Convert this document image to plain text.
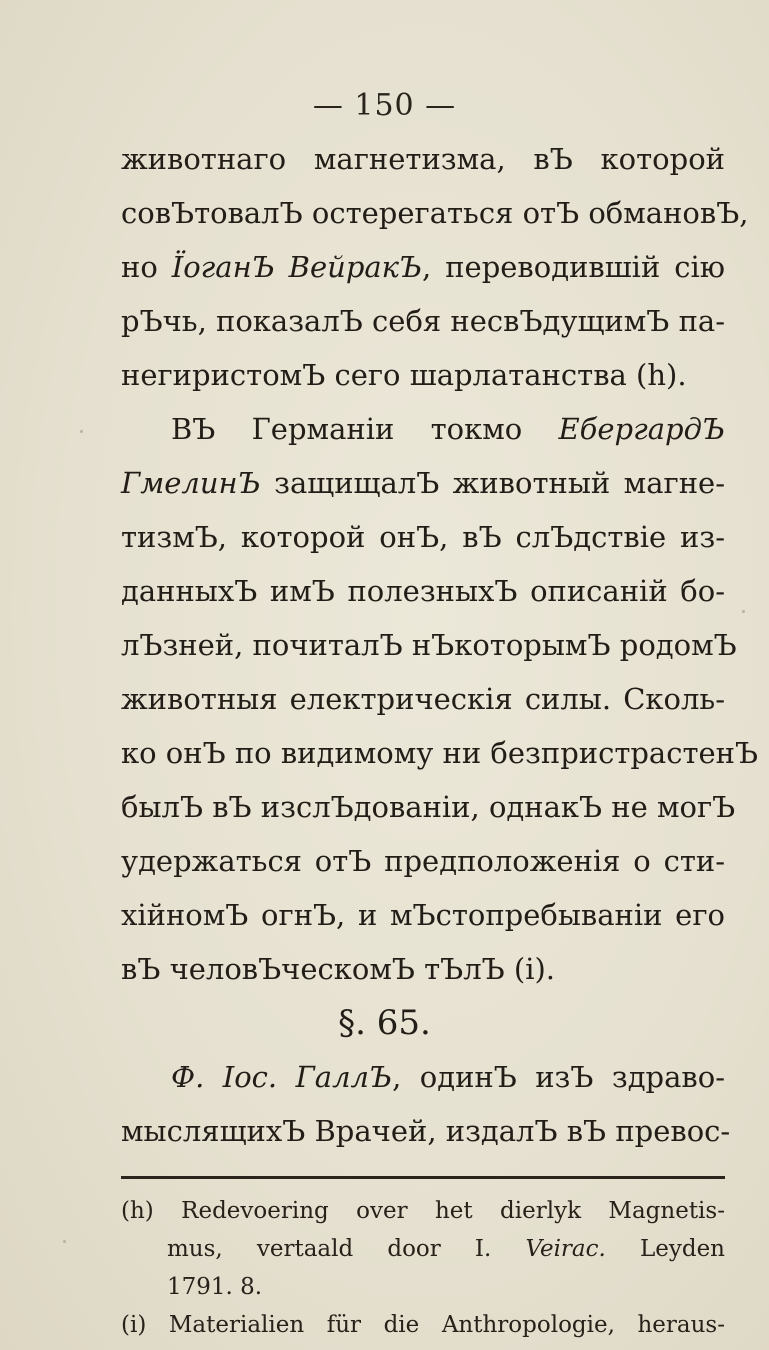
— 150 —
животнаго магнетизма, вЪ которой
совЪтовалЪ остерегаться отЪ обмановЪ,
но ЇоганЪ ВейракЪ, переводившій сію
рЪчь, показалЪ себя несвЪдущимЪ па-
негиристомЪ сего шарлатанства (h).
ВЪ Германіи токмо ЕбергардЪ
ГмелинЪ защищалЪ животный магне-
тизмЪ, которой онЪ, вЪ слЪдствіе из-
данныхЪ имЪ полезныхЪ описаній бо-
лЪзней, почиталЪ нЪкоторымЪ родомЪ
животныя електрическія силы. Сколь-
ко онЪ по видимому ни безпристрастенЪ
былЪ вЪ изслЪдованіи, однакЪ не могЪ
удержаться отЪ предположенія о сти-
хійномЪ огнЪ, и мЪстопребываніи его
вЪ человЪческомЪ тЪлЪ (i).
§. 65.
Ф. Іос. ГаллЪ, одинЪ изЪ здраво-
мыслящихЪ Врачей, издалЪ вЪ превос-
(h) Redevoering over het dierlyk Magnetis-
mus, vertaald door I. Veirac. Leyden
1791. 8.
(i) Materialien für die Anthropologie, heraus-
